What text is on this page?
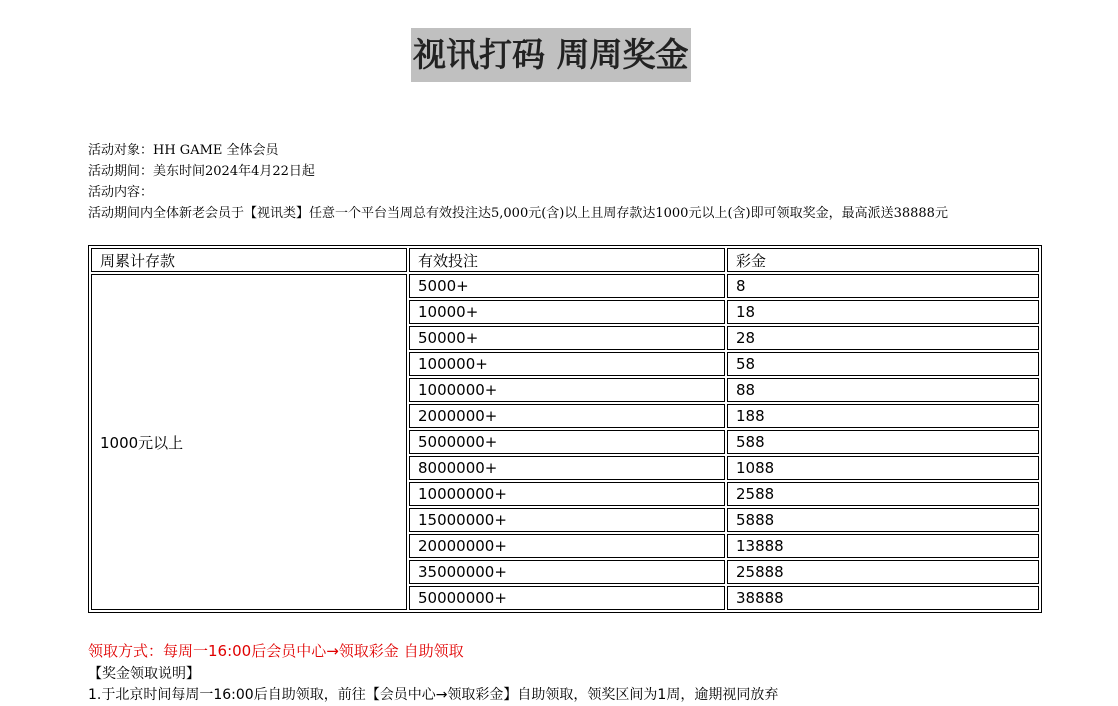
视讯打码 周周奖金
活动对象：HH GAME 全体会员
活动期间：美东时间2024年4月22日起
活动内容：
活动期间内全体新老会员于【视讯类】任意一个平台当周总有效投注达5,000元(含)以上且周存款达1000元以上(含)即可领取奖金，最高派送38888元
周累计存款	有效投注	彩金
1000元以上	5000+	8
	10000+	18
	50000+	28
	100000+	58
	1000000+	88
	2000000+	188
	5000000+	588
	8000000+	1088
	10000000+	2588
	15000000+	5888
	20000000+	13888
	35000000+	25888
	50000000+	38888
领取方式：每周一16:00后会员中心→领取彩金 自助领取
【奖金领取说明】
1.于北京时间每周一16:00后自助领取，前往【会员中心→领取彩金】自助领取，领奖区间为1周，逾期视同放弃
